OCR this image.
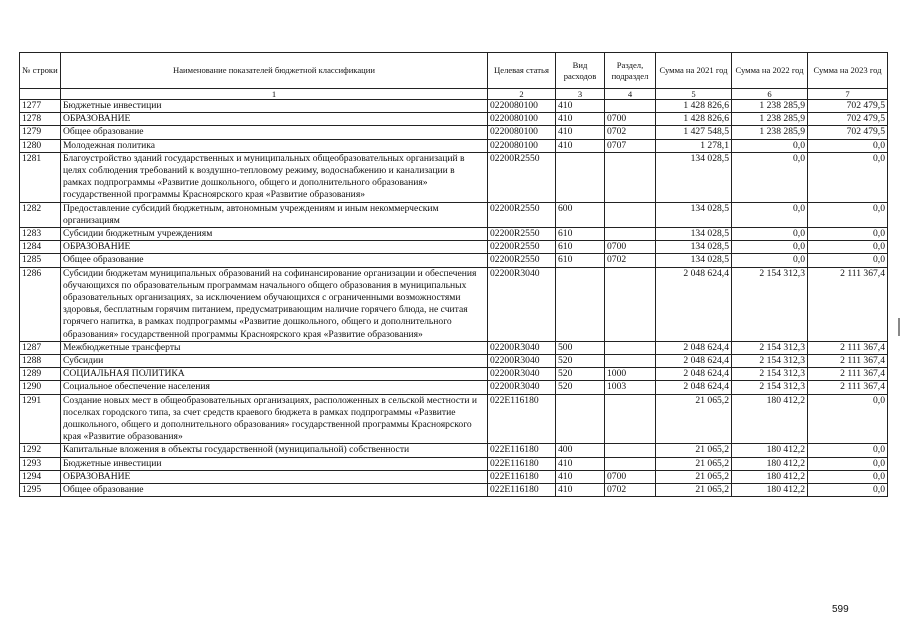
№ строки	Наименование показателей бюджетной классификации	Целевая статья	Вид расходов	Раздел, подраздел	Сумма на 2021 год	Сумма на 2022 год	Сумма на 2023 год
	1	2	3	4	5	6	7
1277	Бюджетные инвестиции	0220080100	410		1 428 826,6	1 238 285,9	702 479,5
1278	ОБРАЗОВАНИЕ	0220080100	410	0700	1 428 826,6	1 238 285,9	702 479,5
1279	Общее образование	0220080100	410	0702	1 427 548,5	1 238 285,9	702 479,5
1280	Молодежная политика	0220080100	410	0707	1 278,1	0,0	0,0
1281	Благоустройство зданий государственных и муниципальных общеобразовательных организаций в целях соблюдения требований к воздушно-тепловому режиму, водоснабжению и канализации в рамках подпрограммы «Развитие дошкольного, общего и дополнительного образования» государственной программы Красноярского края «Развитие образования»	02200R2550			134 028,5	0,0	0,0
1282	Предоставление субсидий бюджетным, автономным учреждениям и иным некоммерческим организациям	02200R2550	600		134 028,5	0,0	0,0
1283	Субсидии бюджетным учреждениям	02200R2550	610		134 028,5	0,0	0,0
1284	ОБРАЗОВАНИЕ	02200R2550	610	0700	134 028,5	0,0	0,0
1285	Общее образование	02200R2550	610	0702	134 028,5	0,0	0,0
1286	Субсидии бюджетам муниципальных образований на софинансирование организации и обеспечения обучающихся по образовательным программам начального общего образования в муниципальных образовательных организациях, за исключением обучающихся с ограниченными возможностями здоровья, бесплатным горячим питанием, предусматривающим наличие горячего блюда, не считая горячего напитка, в рамках подпрограммы «Развитие дошкольного, общего и дополнительного образования» государственной программы Красноярского края «Развитие образования»	02200R3040			2 048 624,4	2 154 312,3	2 111 367,4
1287	Межбюджетные трансферты	02200R3040	500		2 048 624,4	2 154 312,3	2 111 367,4
1288	Субсидии	02200R3040	520		2 048 624,4	2 154 312,3	2 111 367,4
1289	СОЦИАЛЬНАЯ ПОЛИТИКА	02200R3040	520	1000	2 048 624,4	2 154 312,3	2 111 367,4
1290	Социальное обеспечение населения	02200R3040	520	1003	2 048 624,4	2 154 312,3	2 111 367,4
1291	Создание новых мест в общеобразовательных организациях, расположенных в сельской местности и поселках городского типа, за счет средств краевого бюджета в рамках подпрограммы «Развитие дошкольного, общего и дополнительного образования» государственной программы Красноярского края «Развитие образования»	022E116180			21 065,2	180 412,2	0,0
1292	Капитальные вложения в объекты государственной (муниципальной) собственности	022E116180	400		21 065,2	180 412,2	0,0
1293	Бюджетные инвестиции	022E116180	410		21 065,2	180 412,2	0,0
1294	ОБРАЗОВАНИЕ	022E116180	410	0700	21 065,2	180 412,2	0,0
1295	Общее образование	022E116180	410	0702	21 065,2	180 412,2	0,0
599
